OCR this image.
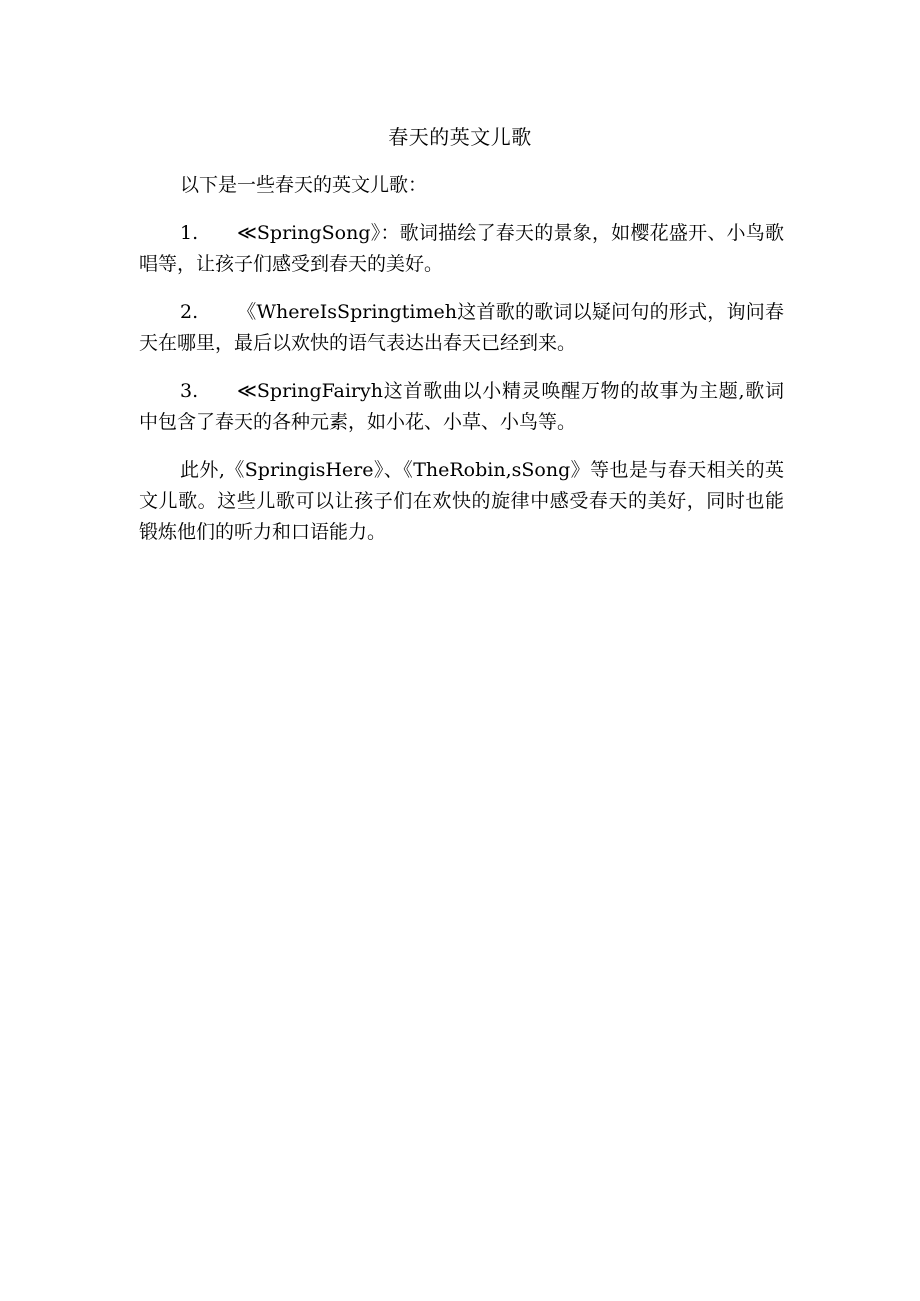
春天的英文儿歌

以下是一些春天的英文儿歌：

1. ≪SpringSong》：歌词描绘了春天的景象，如樱花盛开、小鸟歌唱等，让孩子们感受到春天的美好。

2. 《WhereIsSpringtimeh这首歌的歌词以疑问句的形式，询问春天在哪里，最后以欢快的语气表达出春天已经到来。

3. ≪SpringFairyh这首歌曲以小精灵唤醒万物的故事为主题,歌词中包含了春天的各种元素，如小花、小草、小鸟等。

此外,《SpringisHere》、《TheRobin,sSong》等也是与春天相关的英文儿歌。这些儿歌可以让孩子们在欢快的旋律中感受春天的美好，同时也能锻炼他们的听力和口语能力。
